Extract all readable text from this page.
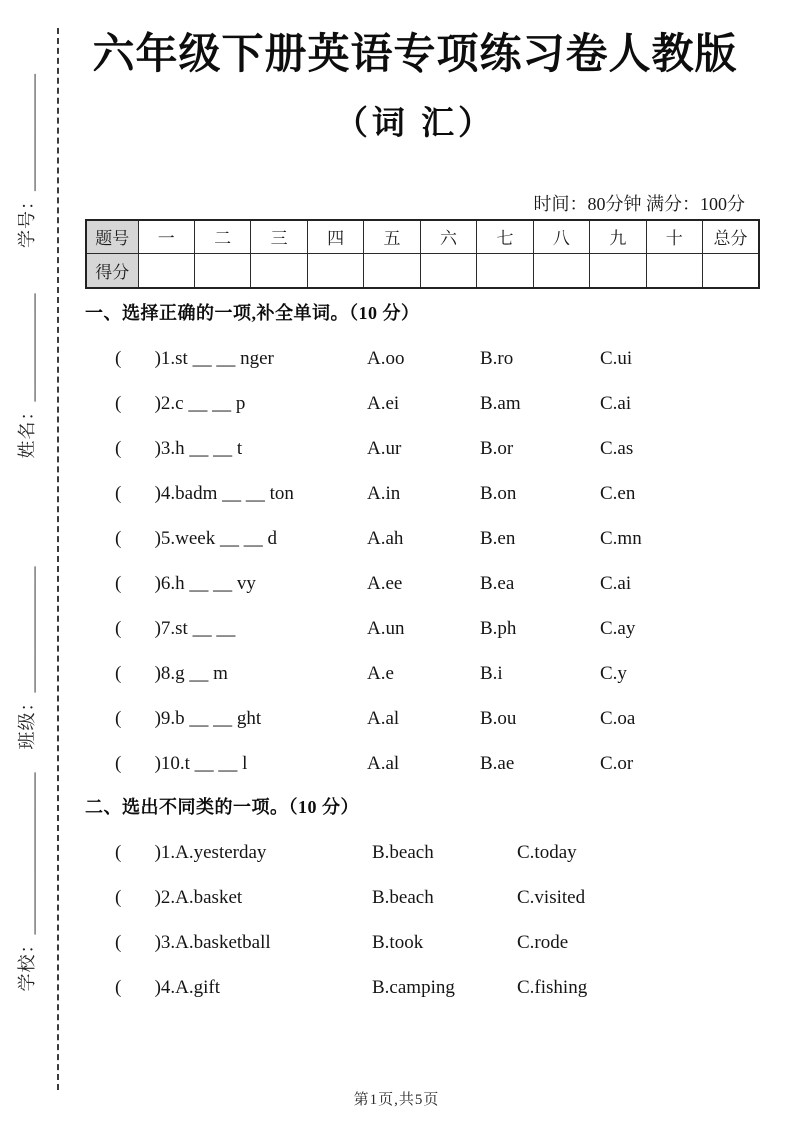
学号：_____________
姓名：____________
班级：______________
学校：__________________
六年级下册英语专项练习卷人教版
（词 汇）
时间：80分钟 满分：100分
题号	一	二	三	四	五	六	七	八	九	十	总分
得分											
一、选择正确的一项,补全单词。（10 分）
(       )1.st __ __ nger	A.oo	B.ro	C.ui
(       )2.c __ __ p	A.ei	B.am	C.ai
(       )3.h __ __ t	A.ur	B.or	C.as
(       )4.badm __ __ ton	A.in	B.on	C.en
(       )5.week __ __ d	A.ah	B.en	C.mn
(       )6.h __ __ vy	A.ee	B.ea	C.ai
(       )7.st __ __	A.un	B.ph	C.ay
(       )8.g __ m	A.e	B.i	C.y
(       )9.b __ __ ght	A.al	B.ou	C.oa
(       )10.t __ __ l	A.al	B.ae	C.or
二、选出不同类的一项。（10 分）
(       )1.A.yesterday	B.beach	C.today
(       )2.A.basket	B.beach	C.visited
(       )3.A.basketball	B.took	C.rode
(       )4.A.gift	B.camping	C.fishing
第1页,共5页
